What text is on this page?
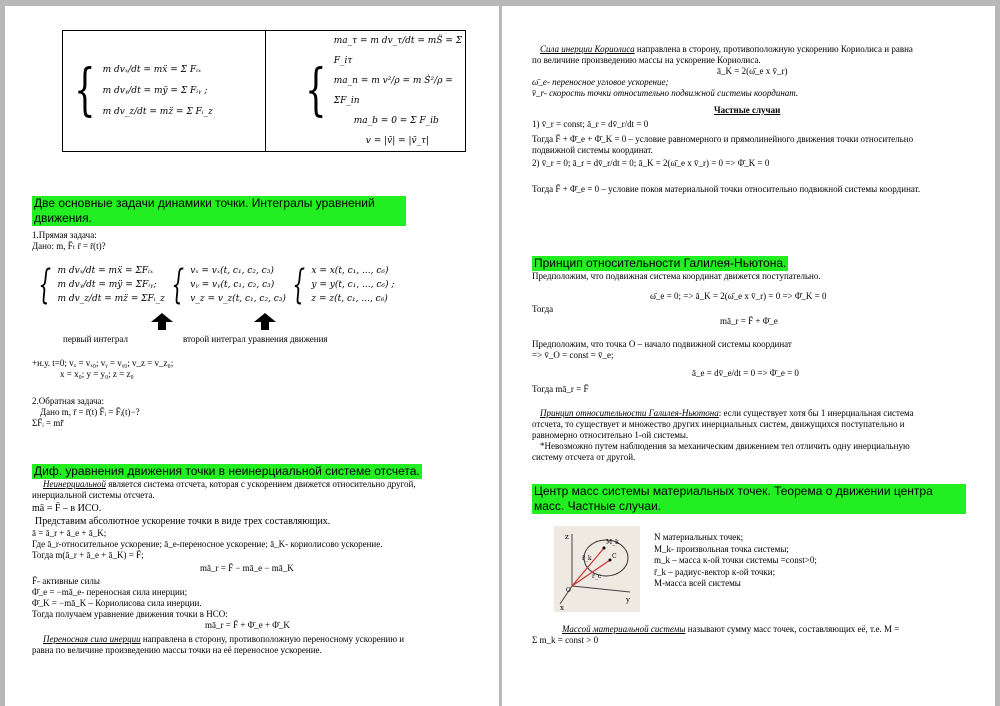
{ m dvₓ/dt = mẍ = Σ Fᵢₓ
m dvᵧ/dt = mÿ = Σ Fᵢᵧ ;
m dv_z/dt = mz̈ = Σ Fᵢ_z	{
ma_τ = m dv_τ/dt = mS̈ = Σ F_iτ
ma_n = m v²/ρ = m Ṡ²/ρ = ΣF_in
ma_b = 0 = Σ F_ib
v = |v̄| = |v̄_τ|
Две основные задачи динамики точки. Интегралы уравнений движения.
1.Прямая задача:
Дано: m, F̄ₜ r̄ = r̄(t)?
{ m dvₓ/dt = mẍ = ΣFᵢₓ
m dvᵧ/dt = mÿ = ΣFᵢᵧ;
m dv_z/dt = mz̈ = ΣFᵢ_z { vₓ = vₓ(t, c₁, c₂, c₃)
vᵧ = vᵧ(t, c₁, c₂, c₃)
v_z = v_z(t, c₁, c₂, c₃) { x = x(t, c₁, ..., c₆)
y = y(t, c₁, ..., c₆) ;
z = z(t, c₁, ..., c₆)
первый интеграл	второй интеграл уравнения движения
+н.у. t=0; vₓ = vₓ₀; vᵧ = vᵧ₀; v_z = v_z₀;
x = x₀; y = y₀; z = z₀
2.Обратная задача:
Дано m, r̄ = r̄(t) F̄ᵢ = F̄ᵢ(t)−?
ΣF̄ᵢ = mr̈̄
Диф. уравнения движения точки в неинерциальной системе отсчета.
Неинерциальной является система отсчета, которая с ускорением движется относительно другой,
инерциальной системы отсчета.
mā = F̄ – в ИСО.
Представим абсолютное ускорение точки в виде трех составляющих.
ā = ā_r + ā_e + ā_K;
Где ā_r-относительное ускорение; ā_e-переносное ускорение; ā_K- кориолисово ускорение.
Тогда m(ā_r + ā_e + ā_K) = F̄;
mā_r = F̄ − mā_e − mā_K
F̄- активные силы
Φ̄_e = −mā_e- переносная сила инерции;
Φ̄_K = −mā_K – Кориолисова сила инерции.
Тогда получаем уравнение движения точки в НСО:
mā_r = F̄ + Φ̄_e + Φ̄_K
Переносная сила инерции направлена в сторону, противоположную переносному ускорению и
равна по величине произведению массы точки на её переносное ускорение.
Сила инерции Кориолиса направлена в сторону, противоположную ускорению Кориолиса и равна
по величине произведению массы на ускорение Кориолиса.
ā_K = 2(ω̄_e x v̄_r)
ω̄_e- переносное угловое ускорение;
v̄_r- скорость точки относительно подвижной системы координат.
Частные случаи
1) v̄_r = const; ā_r = dv̄_r/dt = 0
Тогда F̄ + Φ̄_e + Φ̄_K = 0 – условие равномерного и прямолинейного движения точки относительно
подвижной системы координат.
2) v̄_r = 0; ā_r = dv̄_r/dt = 0; ā_K = 2(ω̄_e x v̄_r) = 0 => Φ̄_K = 0
Тогда F̄ + Φ̄_e = 0 – условие покоя материальной точки относительно подвижной системы координат.
Принцип относительности Галилея-Ньютона.
Предположим, что подвижная система координат движется поступательно.
ω̄_e = 0; => ā_K = 2(ω̄_e x v̄_r) = 0 => Φ̄_K = 0
Тогда
mā_r = F̄ + Φ̄_e
Предположим, что точка О – начало подвижной системы координат
=> v̄_O = const = v̄_e;
ā_e = dv̄_e/dt = 0 => Φ̄_e = 0
Тогда mā_r = F̄
Принцип относительности Галилея-Ньютона: если существует хотя бы 1 инерциальная система
отсчета, то существует и множество других инерциальных систем, движущихся поступательно и
равномерно относительно 1-ой системы.
*Невозможно путем наблюдения за механическим движением тел отличить одну инерциальную
систему отсчета от другой.
Центр масс системы материальных точек. Теорема о движении центра масс. Частные случаи.
z
y
x
M_k
C
r̄_k
r̄_c
O
N материальных точек;
M_k- произвольная точка системы;
m_k – масса к-ой точки системы =const>0;
r̄_k – радиус-вектор к-ой точки;
M-масса всей системы
Массой материальной системы называют сумму масс точек, составляющих её, т.е. M =
Σ m_k = const > 0
